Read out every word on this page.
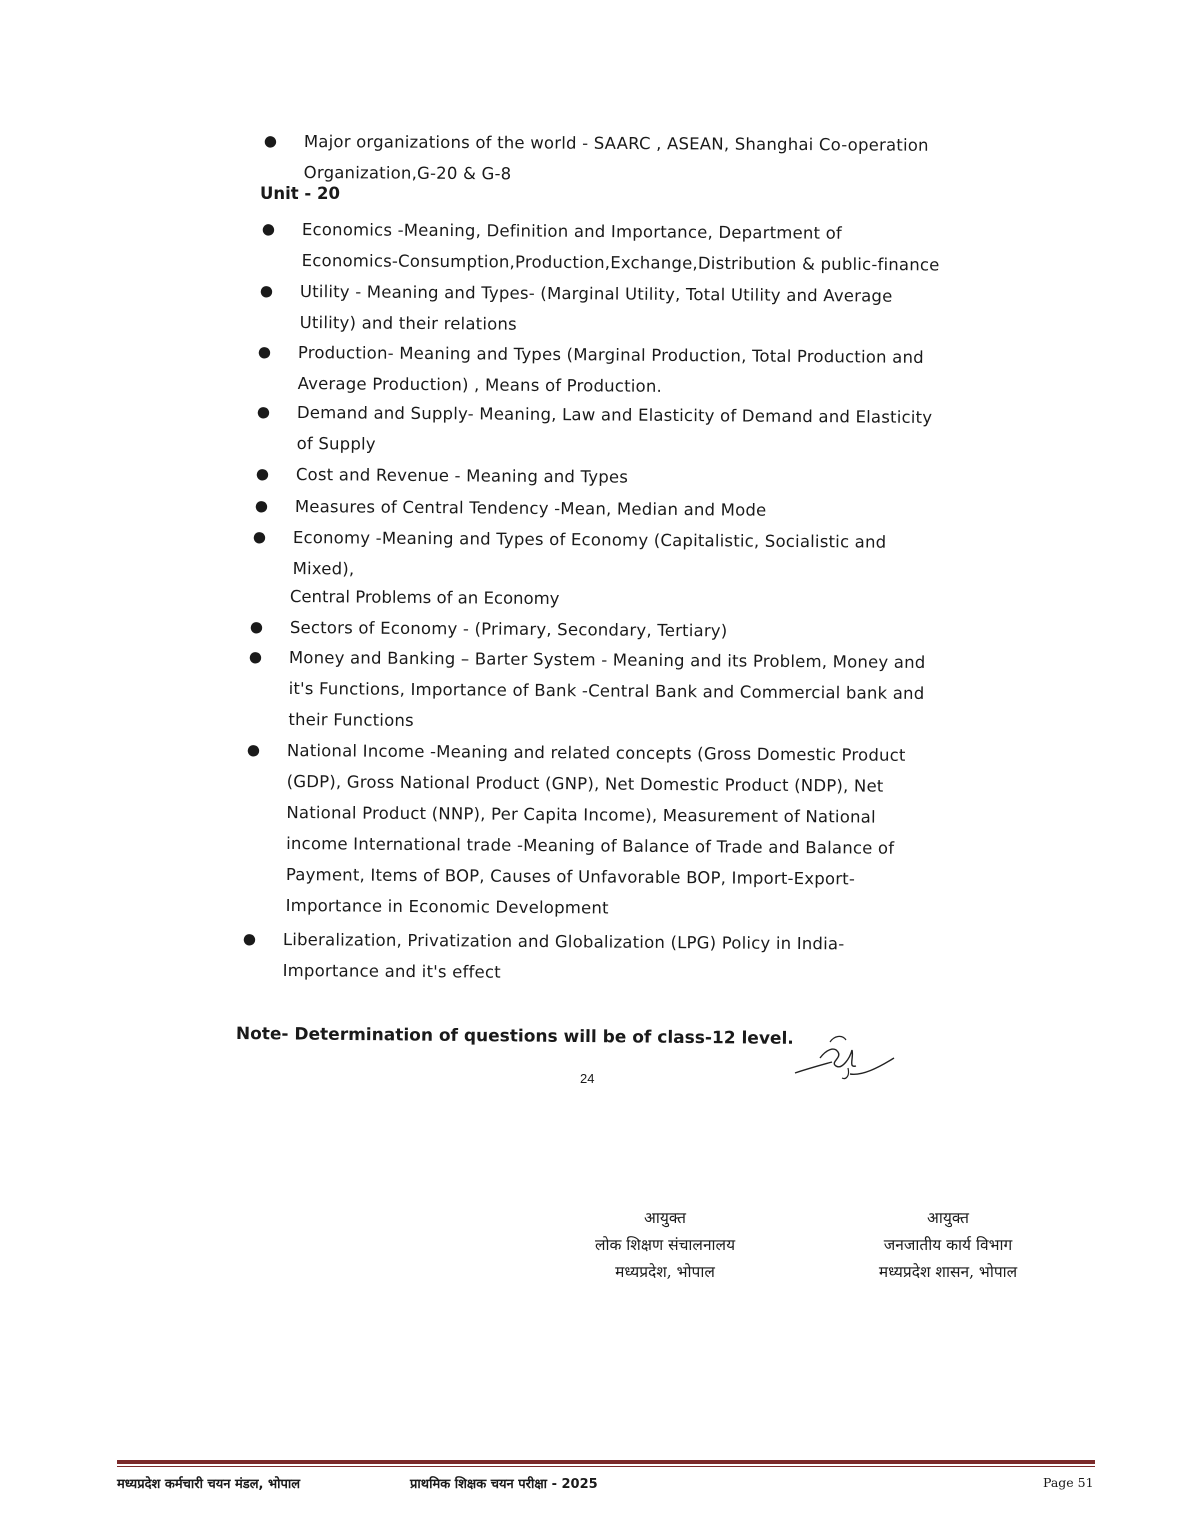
● Major organizations of the world - SAARC , ASEAN, Shanghai Co-operation
Organization,G-20 & G-8
Unit - 20
● Economics -Meaning, Definition and Importance, Department of
Economics-Consumption,Production,Exchange,Distribution & public-finance
● Utility - Meaning and Types- (Marginal Utility, Total Utility and Average
Utility) and their relations
● Production- Meaning and Types (Marginal Production, Total Production and
Average Production) , Means of Production.
● Demand and Supply- Meaning, Law and Elasticity of Demand and Elasticity
of Supply
● Cost and Revenue - Meaning and Types
● Measures of Central Tendency -Mean, Median and Mode
● Economy -Meaning and Types of Economy (Capitalistic, Socialistic and
Mixed),
Central Problems of an Economy
● Sectors of Economy - (Primary, Secondary, Tertiary)
● Money and Banking – Barter System - Meaning and its Problem, Money and
it's Functions, Importance of Bank -Central Bank and Commercial bank and
their Functions
● National Income -Meaning and related concepts (Gross Domestic Product
(GDP), Gross National Product (GNP), Net Domestic Product (NDP), Net
National Product (NNP), Per Capita Income), Measurement of National
income International trade -Meaning of Balance of Trade and Balance of
Payment, Items of BOP, Causes of Unfavorable BOP, Import-Export-
Importance in Economic Development
● Liberalization, Privatization and Globalization (LPG) Policy in India-
Importance and it's effect
Note- Determination of questions will be of class-12 level.
24
आयुक्त
लोक शिक्षण संचालनालय
मध्यप्रदेश, भोपाल
आयुक्त
जनजातीय कार्य विभाग
मध्यप्रदेश शासन, भोपाल
मध्यप्रदेश कर्मचारी चयन मंडल, भोपाल	प्राथमिक शिक्षक चयन परीक्षा - 2025	Page 51
